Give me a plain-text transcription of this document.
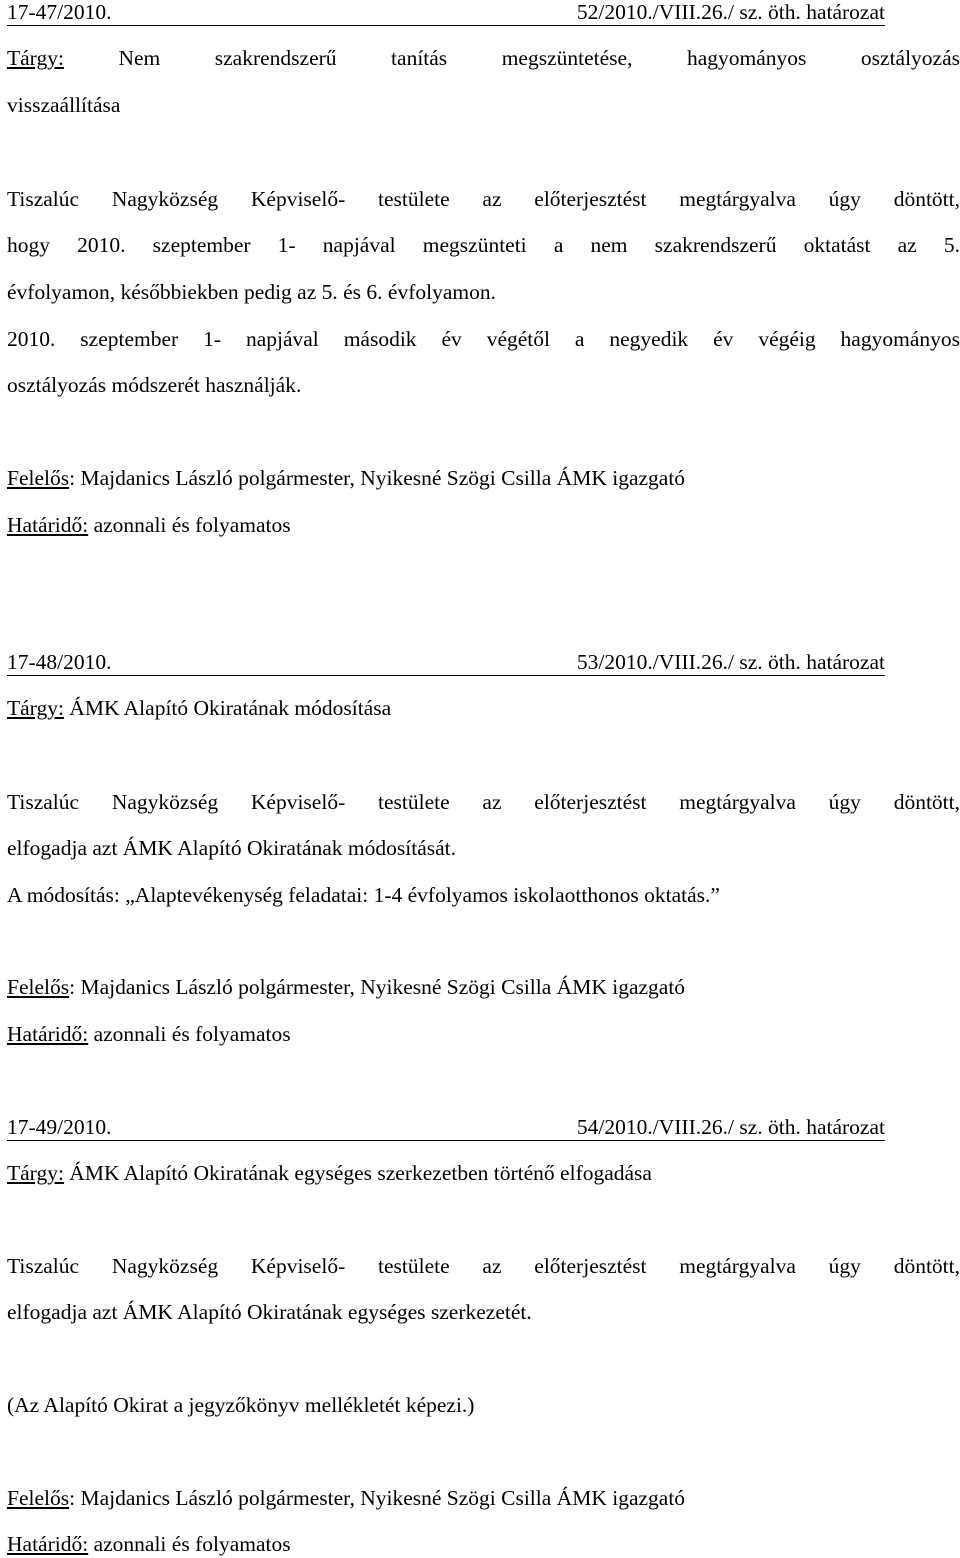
17-47/2010.	52/2010./VIII.26./ sz. öth. határozat
Tárgy:	Nem szakrendszerű tanítás megszüntetése, hagyományos osztályozás
visszaállítása
Tiszalúc Nagyközség Képviselő- testülete az előterjesztést megtárgyalva úgy döntött,
hogy 2010. szeptember 1- napjával megszünteti a nem szakrendszerű oktatást az 5.
évfolyamon, későbbiekben pedig az 5. és 6. évfolyamon.
2010. szeptember 1- napjával második év végétől a negyedik év végéig hagyományos
osztályozás módszerét használják.
Felelős: Majdanics László polgármester, Nyikesné Szögi Csilla ÁMK igazgató
Határidő: azonnali és folyamatos
17-48/2010.	53/2010./VIII.26./ sz. öth. határozat
Tárgy: ÁMK Alapító Okiratának módosítása
Tiszalúc Nagyközség Képviselő- testülete az előterjesztést megtárgyalva úgy döntött,
elfogadja azt ÁMK Alapító Okiratának módosítását.
A módosítás: „Alaptevékenység feladatai: 1-4 évfolyamos iskolaotthonos oktatás.”
Felelős: Majdanics László polgármester, Nyikesné Szögi Csilla ÁMK igazgató
Határidő: azonnali és folyamatos
17-49/2010.	54/2010./VIII.26./ sz. öth. határozat
Tárgy: ÁMK Alapító Okiratának egységes szerkezetben történő elfogadása
Tiszalúc Nagyközség Képviselő- testülete az előterjesztést megtárgyalva úgy döntött,
elfogadja azt ÁMK Alapító Okiratának egységes szerkezetét.
(Az Alapító Okirat a jegyzőkönyv mellékletét képezi.)
Felelős: Majdanics László polgármester, Nyikesné Szögi Csilla ÁMK igazgató
Határidő: azonnali és folyamatos
